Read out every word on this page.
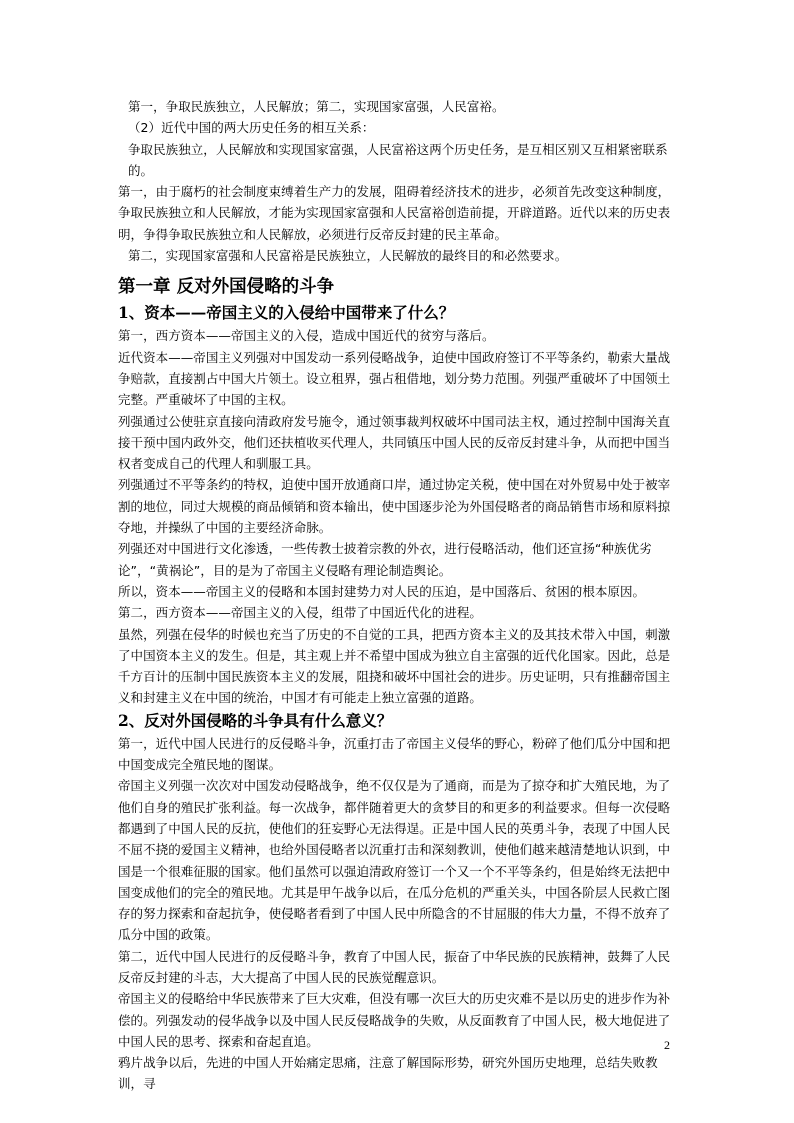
第一，争取民族独立，人民解放；第二，实现国家富强，人民富裕。

（2）近代中国的两大历史任务的相互关系：

争取民族独立，人民解放和实现国家富强，人民富裕这两个历史任务，是互相区别又互相紧密联系的。

第一，由于腐朽的社会制度束缚着生产力的发展，阻碍着经济技术的进步，必须首先改变这种制度，争取民族独立和人民解放，才能为实现国家富强和人民富裕创造前提，开辟道路。近代以来的历史表明，争得争取民族独立和人民解放，必须进行反帝反封建的民主革命。

第二，实现国家富强和人民富裕是民族独立，人民解放的最终目的和必然要求。

第一章 反对外国侵略的斗争
1、资本——帝国主义的入侵给中国带来了什么？

第一，西方资本——帝国主义的入侵，造成中国近代的贫穷与落后。

近代资本——帝国主义列强对中国发动一系列侵略战争，迫使中国政府签订不平等条约，勒索大量战争赔款，直接割占中国大片领土。设立租界，强占租借地，划分势力范围。列强严重破坏了中国领土完整。严重破坏了中国的主权。

列强通过公使驻京直接向清政府发号施令，通过领事裁判权破坏中国司法主权，通过控制中国海关直接干预中国内政外交，他们还扶植收买代理人，共同镇压中国人民的反帝反封建斗争，从而把中国当权者变成自己的代理人和驯服工具。

列强通过不平等条约的特权，迫使中国开放通商口岸，通过协定关税，使中国在对外贸易中处于被宰割的地位，同过大规模的商品倾销和资本输出，使中国逐步沦为外国侵略者的商品销售市场和原料掠夺地，并操纵了中国的主要经济命脉。

列强还对中国进行文化渗透，一些传教士披着宗教的外衣，进行侵略活动，他们还宣扬“种族优劣论”，“黄祸论”，目的是为了帝国主义侵略有理论制造舆论。

所以，资本——帝国主义的侵略和本国封建势力对人民的压迫，是中国落后、贫困的根本原因。

第二，西方资本——帝国主义的入侵，组带了中国近代化的进程。

虽然，列强在侵华的时候也充当了历史的不自觉的工具，把西方资本主义的及其技术带入中国，刺激了中国资本主义的发生。但是，其主观上并不希望中国成为独立自主富强的近代化国家。因此，总是千方百计的压制中国民族资本主义的发展，阻挠和破坏中国社会的进步。历史证明，只有推翻帝国主义和封建主义在中国的统治，中国才有可能走上独立富强的道路。

2、反对外国侵略的斗争具有什么意义？

第一，近代中国人民进行的反侵略斗争，沉重打击了帝国主义侵华的野心，粉碎了他们瓜分中国和把中国变成完全殖民地的图谋。

帝国主义列强一次次对中国发动侵略战争，绝不仅仅是为了通商，而是为了掠夺和扩大殖民地，为了他们自身的殖民扩张利益。每一次战争，都伴随着更大的贪梦目的和更多的利益要求。但每一次侵略都遇到了中国人民的反抗，使他们的狂妄野心无法得逞。正是中国人民的英勇斗争，表现了中国人民不屈不挠的爱国主义精神，也给外国侵略者以沉重打击和深刻教训，使他们越来越清楚地认识到，中国是一个很难征服的国家。他们虽然可以强迫清政府签订一个又一个不平等条约，但是始终无法把中国变成他们的完全的殖民地。尤其是甲午战争以后，在瓜分危机的严重关头，中国各阶层人民救亡图存的努力探索和奋起抗争，使侵略者看到了中国人民中所隐含的不甘屈服的伟大力量，不得不放弃了瓜分中国的政策。

第二，近代中国人民进行的反侵略斗争，教育了中国人民，振奋了中华民族的民族精神，鼓舞了人民反帝反封建的斗志，大大提高了中国人民的民族觉醒意识。

帝国主义的侵略给中华民族带来了巨大灾难，但没有哪一次巨大的历史灾难不是以历史的进步作为补偿的。列强发动的侵华战争以及中国人民反侵略战争的失败，从反面教育了中国人民，极大地促进了中国人民的思考、探索和奋起直追。

鸦片战争以后，先进的中国人开始痛定思痛，注意了解国际形势，研究外国历史地理，总结失败教训，寻

2
